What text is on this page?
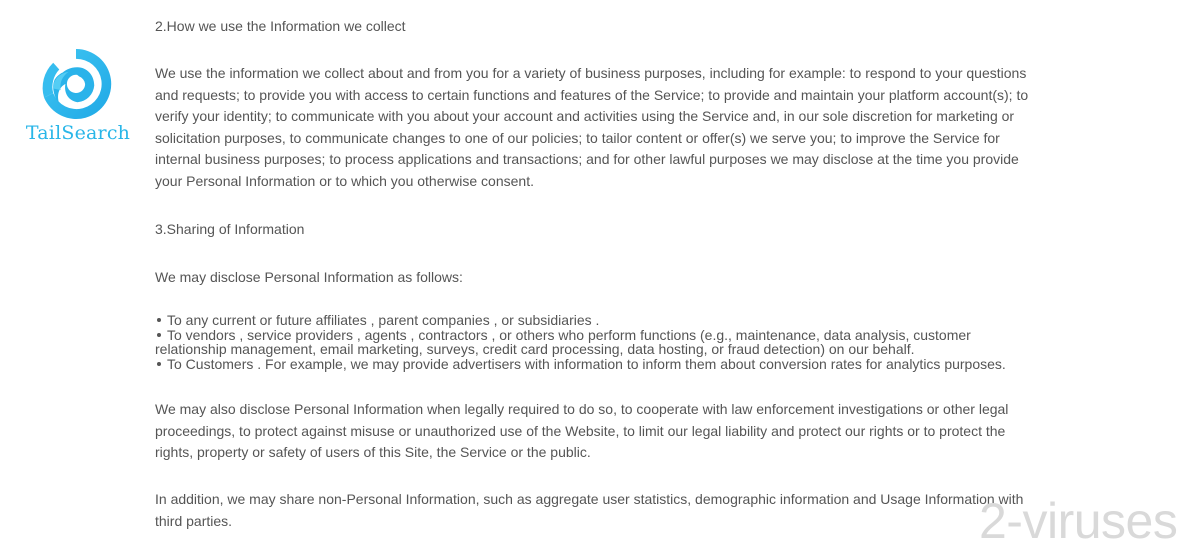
TailSearch
2.How we use the Information we collect
We use the information we collect about and from you for a variety of business purposes, including for example: to respond to your questions
and requests; to provide you with access to certain functions and features of the Service; to provide and maintain your platform account(s); to
verify your identity; to communicate with you about your account and activities using the Service and, in our sole discretion for marketing or
solicitation purposes, to communicate changes to one of our policies; to tailor content or offer(s) we serve you; to improve the Service for
internal business purposes; to process applications and transactions; and for other lawful purposes we may disclose at the time you provide
your Personal Information or to which you otherwise consent.
3.Sharing of Information
We may disclose Personal Information as follows:
To any current or future affiliates , parent companies , or subsidiaries .
To vendors , service providers , agents , contractors , or others who perform functions (e.g., maintenance, data analysis, customer
relationship management, email marketing, surveys, credit card processing, data hosting, or fraud detection) on our behalf.
To Customers . For example, we may provide advertisers with information to inform them about conversion rates for analytics purposes.
We may also disclose Personal Information when legally required to do so, to cooperate with law enforcement investigations or other legal
proceedings, to protect against misuse or unauthorized use of the Website, to limit our legal liability and protect our rights or to protect the
rights, property or safety of users of this Site, the Service or the public.
In addition, we may share non-Personal Information, such as aggregate user statistics, demographic information and Usage Information with
third parties.	2-viruses
